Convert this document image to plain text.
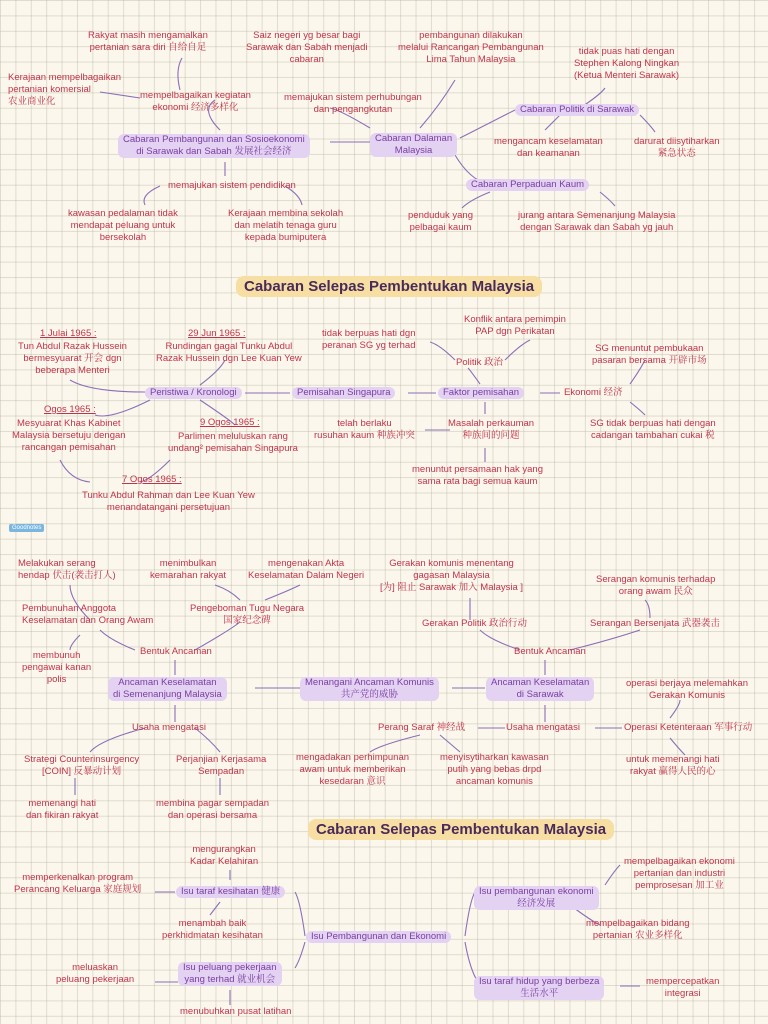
Cabaran Dalaman
Malaysia
Cabaran Pembangunan dan Sosioekonomi
di Sarawak dan Sabah 发展社会经济
mempelbagaikan kegiatan
ekonomi 经济多样化
Rakyat masih mengamalkan
pertanian sara diri 自给自足
Kerajaan mempelbagaikan
pertanian komersial
农业商业化
Saiz negeri yg besar bagi
Sarawak dan Sabah menjadi
cabaran
memajukan sistem perhubungan
dan pengangkutan
pembangunan dilakukan
melalui Rancangan Pembangunan
Lima Tahun Malaysia
Cabaran Politik di Sarawak
tidak puas hati dengan
Stephen Kalong Ningkan
(Ketua Menteri Sarawak)
mengancam keselamatan
dan keamanan
darurat diisytiharkan
紧急状态
Cabaran Perpaduan Kaum
penduduk yang
pelbagai kaum
jurang antara Semenanjung Malaysia
dengan Sarawak dan Sabah yg jauh
memajukan sistem pendidikan
kawasan pedalaman tidak
mendapat peluang untuk
bersekolah
Kerajaan membina sekolah
dan melatih tenaga guru
kepada bumiputera
Cabaran Selepas Pembentukan Malaysia
Pemisahan Singapura
Peristiwa / Kronologi
1 Julai 1965 :
Tun Abdul Razak Hussein
bermesyuarat 开会 dgn
beberapa Menteri
29 Jun 1965 :
Rundingan gagal Tunku Abdul
Razak Hussein dgn Lee Kuan Yew
Ogos 1965 :
Mesyuarat Khas Kabinet
Malaysia bersetuju dengan
rancangan pemisahan
9 Ogos 1965 :
Parlimen meluluskan rang
undang² pemisahan Singapura
7 Ogos 1965 :
Tunku Abdul Rahman dan Lee Kuan Yew
menandatangani persetujuan
Faktor pemisahan
Politik 政治
Konflik antara pemimpin
PAP dgn Perikatan
tidak berpuas hati dgn
peranan SG yg terhad
Ekonomi 经济
SG menuntut pembukaan
pasaran bersama 开辟市场
SG tidak berpuas hati dengan
cadangan tambahan cukai 税
Masalah perkauman
种族间的问题
telah berlaku
rusuhan kaum 种族冲突
menuntut persamaan hak yang
sama rata bagi semua kaum
Goodnotes
Menangani Ancaman Komunis
共产党的威胁
Ancaman Keselamatan
di Semenanjung Malaysia
Ancaman Keselamatan
di Sarawak
Bentuk Ancaman	Bentuk Ancaman
Melakukan serang
hendap 伏击(袭击打人)
menimbulkan
kemarahan rakyat
mengenakan Akta
Keselamatan Dalam Negeri
Pembunuhan Anggota
Keselamatan dan Orang Awam
Pengeboman Tugu Negara
国家纪念碑
membunuh
pengawai kanan
polis
Gerakan Politik 政治行动
Gerakan komunis menentang
gagasan Malaysia
[为] 阻止 Sarawak 加入 Malaysia ]
Serangan Bersenjata 武器袭击
Serangan komunis terhadap
orang awam 民众
Usaha mengatasi	Usaha mengatasi
Strategi Counterinsurgency
[COIN] 反暴动计划
memenangi hati
dan fikiran rakyat
Perjanjian Kerjasama
Sempadan
membina pagar sempadan
dan operasi bersama
Perang Saraf 神经战
mengadakan perhimpunan
awam untuk memberikan
kesedaran 意识
menyisytiharkan kawasan
putih yang bebas drpd
ancaman komunis
Operasi Ketenteraan 军事行动
operasi berjaya melemahkan
Gerakan Komunis
untuk memenangi hati
rakyat 赢得人民的心
Cabaran Selepas Pembentukan Malaysia
Isu Pembangunan dan Ekonomi
Isu taraf kesihatan 健康
mengurangkan
Kadar Kelahiran
memperkenalkan program
Perancang Keluarga 家庭规划
menambah baik
perkhidmatan kesihatan
Isu peluang pekerjaan
yang terhad 就业机会
meluaskan
peluang pekerjaan
menubuhkan pusat latihan
Isu pembangunan ekonomi
经济发展
mempelbagaikan ekonomi
pertanian dan industri
pemprosesan 加工业
mempelbagaikan bidang
pertanian 农业多样化
Isu taraf hidup yang berbeza
生活水平
mempercepatkan
integrasi
